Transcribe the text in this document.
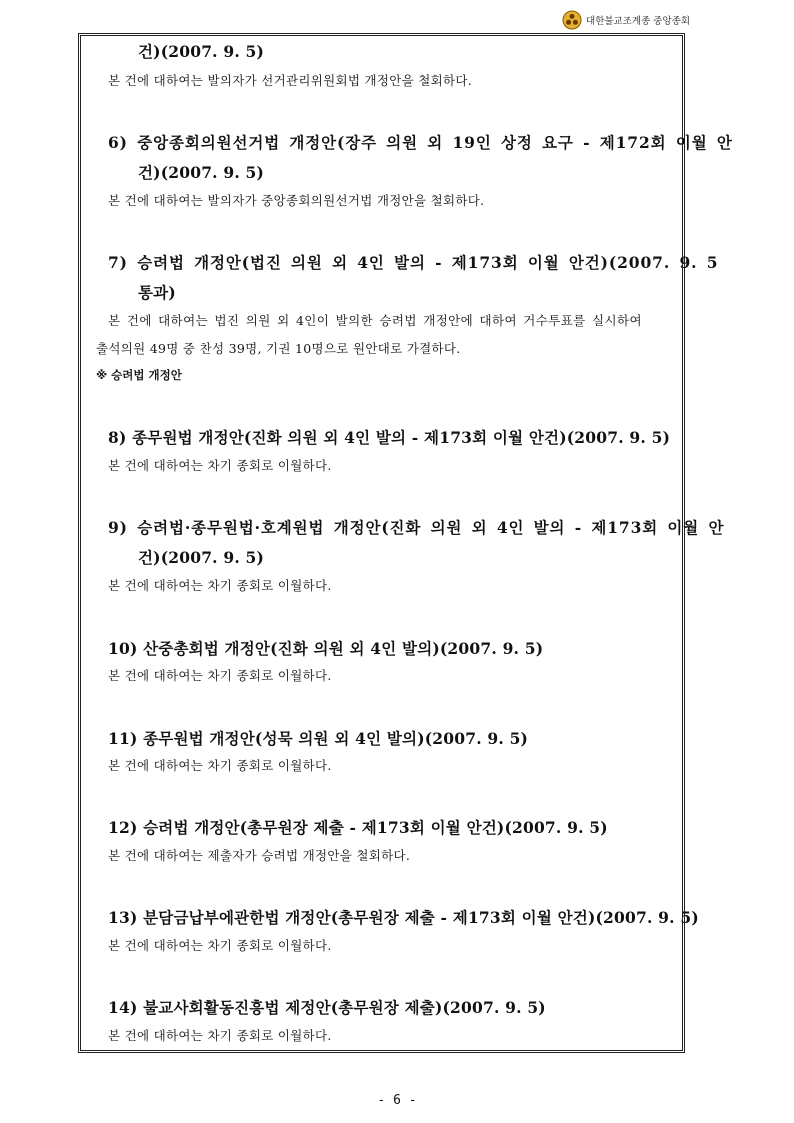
대한불교조계종 중앙종회
건)(2007. 9. 5)
본 건에 대하여는 발의자가 선거관리위원회법 개정안을 철회하다.
6) 중앙종회의원선거법 개정안(장주 의원 외 19인 상정 요구 - 제172회 이월 안
건)(2007. 9. 5)
본 건에 대하여는 발의자가 중앙종회의원선거법 개정안을 철회하다.
7) 승려법 개정안(법진 의원 외 4인 발의 - 제173회 이월 안건)(2007. 9. 5
통과)
본 건에 대하여는 법진 의원 외 4인이 발의한 승려법 개정안에 대하여 거수투표를 실시하여
출석의원 49명 중 찬성 39명, 기권 10명으로 원안대로 가결하다.
※ 승려법 개정안
8) 종무원법 개정안(진화 의원 외 4인 발의 - 제173회 이월 안건)(2007. 9. 5)
본 건에 대하여는 차기 종회로 이월하다.
9) 승려법·종무원법·호계원법 개정안(진화 의원 외 4인 발의 - 제173회 이월 안
건)(2007. 9. 5)
본 건에 대하여는 차기 종회로 이월하다.
10) 산중총회법 개정안(진화 의원 외 4인 발의)(2007. 9. 5)
본 건에 대하여는 차기 종회로 이월하다.
11) 종무원법 개정안(성묵 의원 외 4인 발의)(2007. 9. 5)
본 건에 대하여는 차기 종회로 이월하다.
12) 승려법 개정안(총무원장 제출 - 제173회 이월 안건)(2007. 9. 5)
본 건에 대하여는 제출자가 승려법 개정안을 철회하다.
13) 분담금납부에관한법 개정안(총무원장 제출 - 제173회 이월 안건)(2007. 9. 5)
본 건에 대하여는 차기 종회로 이월하다.
14) 불교사회활동진흥법 제정안(총무원장 제출)(2007. 9. 5)
본 건에 대하여는 차기 종회로 이월하다.
- 6 -
